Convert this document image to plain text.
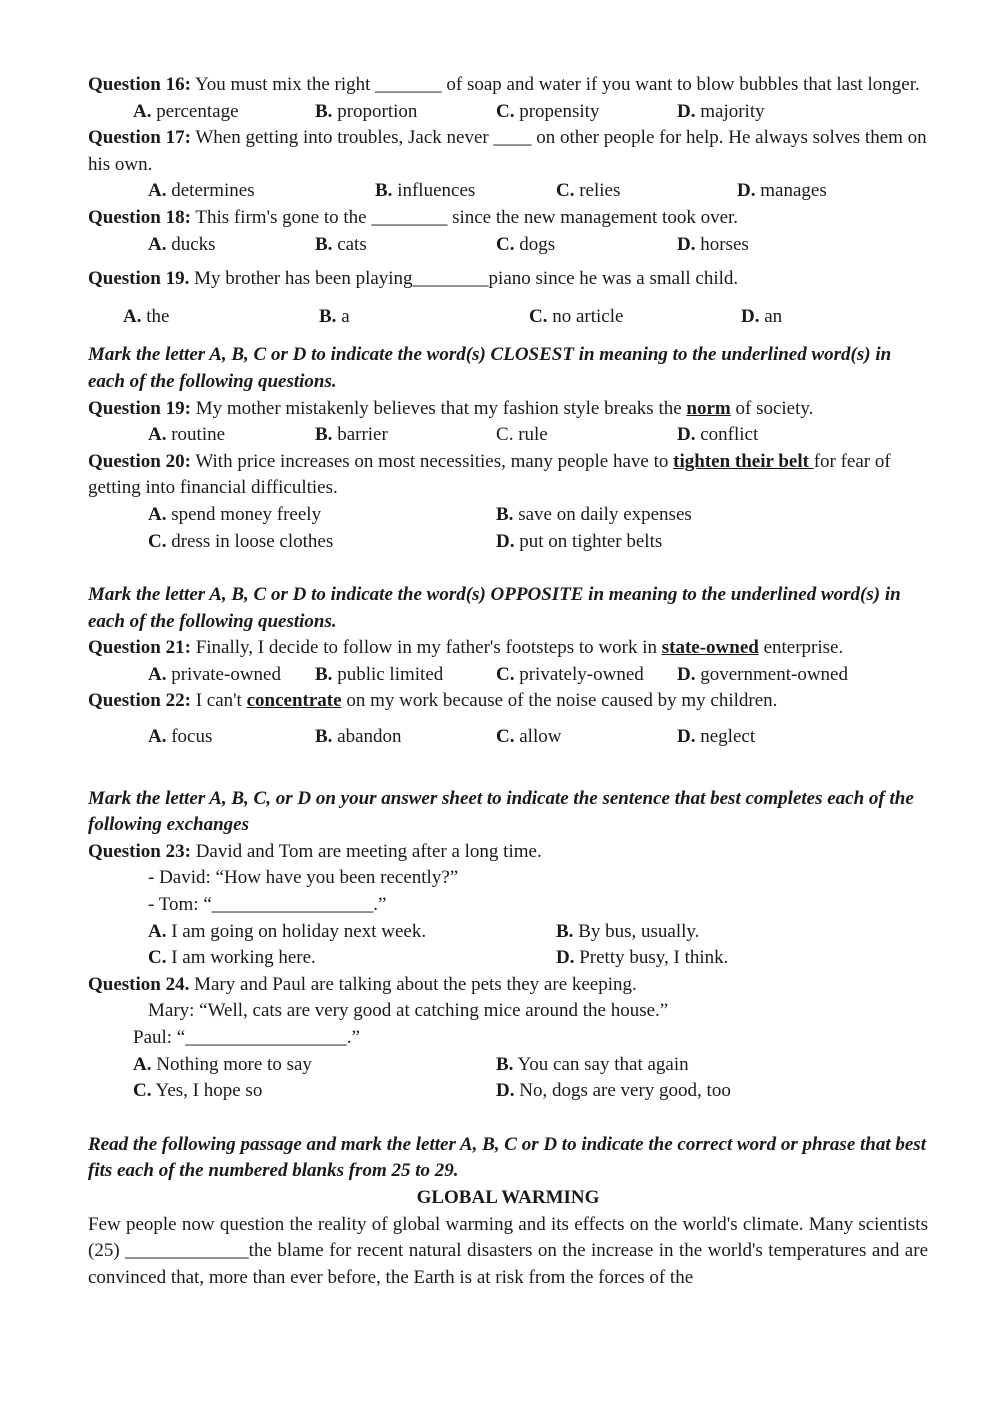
Question 16: You must mix the right _______ of soap and water if you want to blow bubbles that last longer.
A. percentage	B. proportion	C. propensity	D. majority
Question 17: When getting into troubles, Jack never ____ on other people for help. He always solves them on his own.
A. determines	B. influences	C. relies	D. manages
Question 18: This firm's gone to the ________ since the new management took over.
A. ducks	B. cats	C. dogs	D. horses
Question 19. My brother has been playing________piano since he was a small child.
A. the	B. a	C. no article	D. an
Mark the letter A, B, C or D to indicate the word(s) CLOSEST in meaning to the underlined word(s) in each of the following questions.
Question 19: My mother mistakenly believes that my fashion style breaks the norm of society.
A. routine	B. barrier	C. rule	D. conflict
Question 20: With price increases on most necessities, many people have to tighten their belt for fear of getting into financial difficulties.
A. spend money freely	B. save on daily expenses
C. dress in loose clothes	D. put on tighter belts
Mark the letter A, B, C or D to indicate the word(s) OPPOSITE in meaning to the underlined word(s) in each of the following questions.
Question 21: Finally, I decide to follow in my father's footsteps to work in state-owned enterprise.
A. private-owned B. public limited	C. privately-owned D. government-owned
Question 22: I can't concentrate on my work because of the noise caused by my children.
A. focus	B. abandon	C. allow	D. neglect
Mark the letter A, B, C, or D on your answer sheet to indicate the sentence that best completes each of the following exchanges
Question 23: David and Tom are meeting after a long time.
- David: “How have you been recently?”
- Tom: “_________________.”
A. I am going on holiday next week.	B. By bus, usually.
C. I am working here.	D. Pretty busy, I think.
Question 24. Mary and Paul are talking about the pets they are keeping.
Mary: “Well, cats are very good at catching mice around the house.”
Paul: “_________________.”
A. Nothing more to say	B. You can say that again
C. Yes, I hope so	D. No, dogs are very good, too
Read the following passage and mark the letter A, B, C or D to indicate the correct word or phrase that best fits each of the numbered blanks from 25 to 29.
GLOBAL WARMING
Few people now question the reality of global warming and its effects on the world's climate. Many scientists (25) _____________the blame for recent natural disasters on the increase in the world's temperatures and are convinced that, more than ever before, the Earth is at risk from the forces of the
